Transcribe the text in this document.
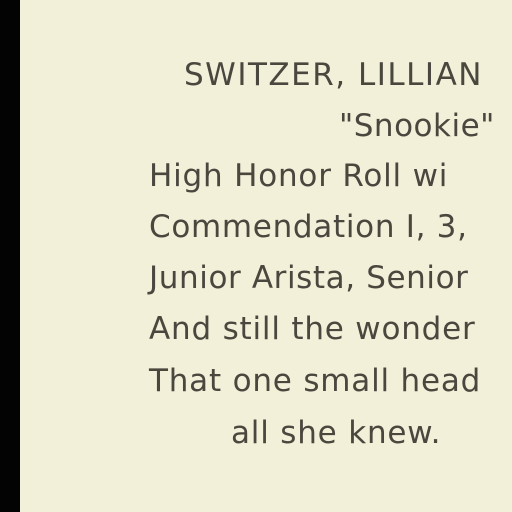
SWITZER, LILLIAN
"Snookie"
High Honor Roll wi
Commendation I, 3,
Junior Arista, Senior
And still the wonder
That one small head
all she knew.
